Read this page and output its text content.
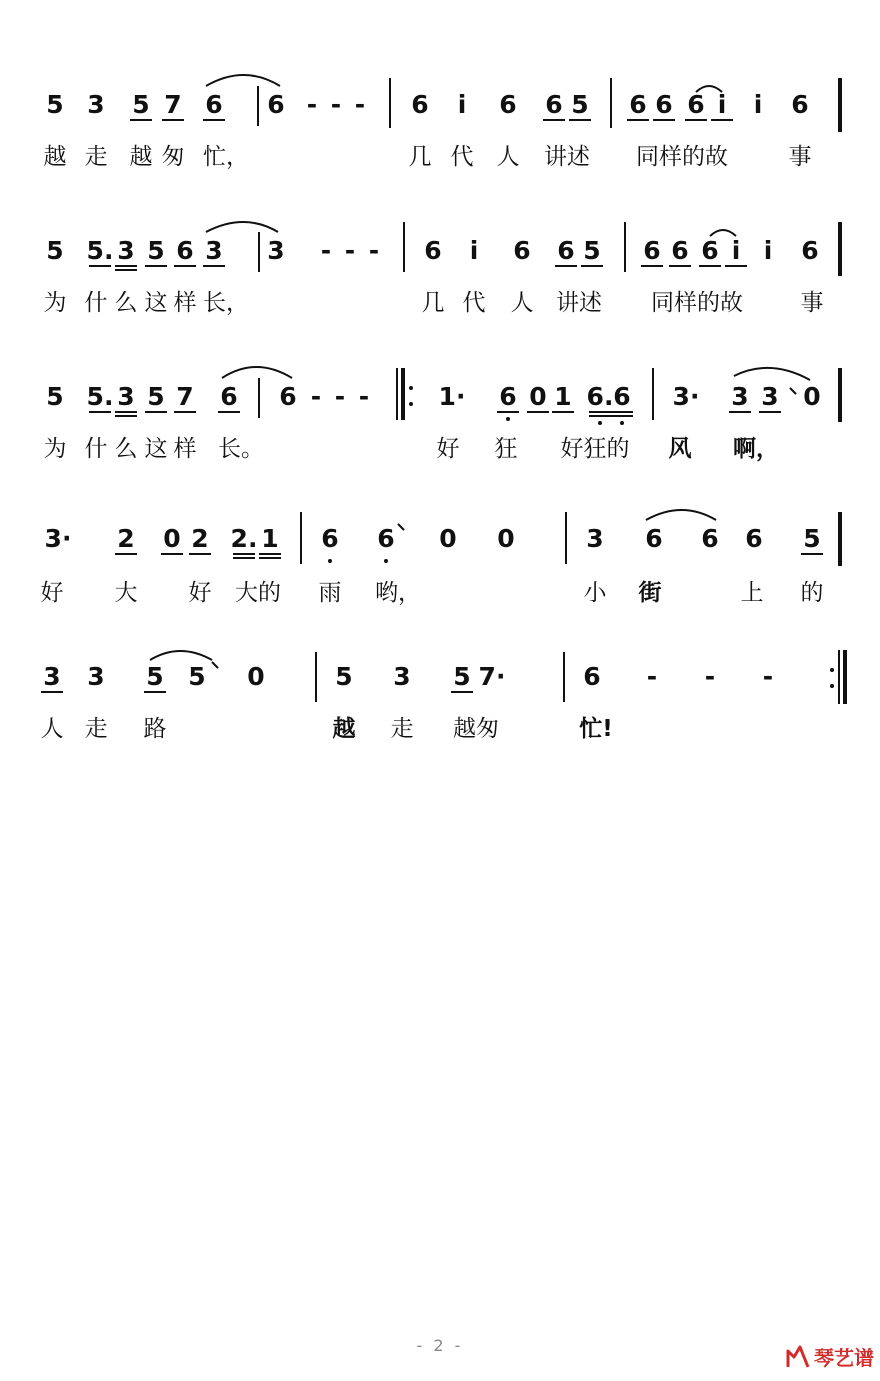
- 2 -
琴艺谱
5 3 5 7 6 6 - - - 6 i 6 6 5 6 6 6 i i 6
越 走 越 匆 忙，	几 代 人 讲述 同样的故	事
5 5. 3 5 6 3 3 - - - 6 i 6 6 5 6 6 6 i i 6
为 什 么 这 样 长，	几 代 人 讲述 同样的故	事
5 5. 3 5 7 6 6 - - -	1· 6 0 1 6. 6 3· 3 3 0
为 什 么 这 样 长。	好 狂 好狂的 风 啊，
3· 2 0 2 2. 1 6 6 0 0	3 6 6 6 5
好 大 好 大的 雨 哟，	小 街	上 的
3 3 5 5 0	5 3 5 7·	6 - - -
人 走 路	越 走 越匆	忙!
